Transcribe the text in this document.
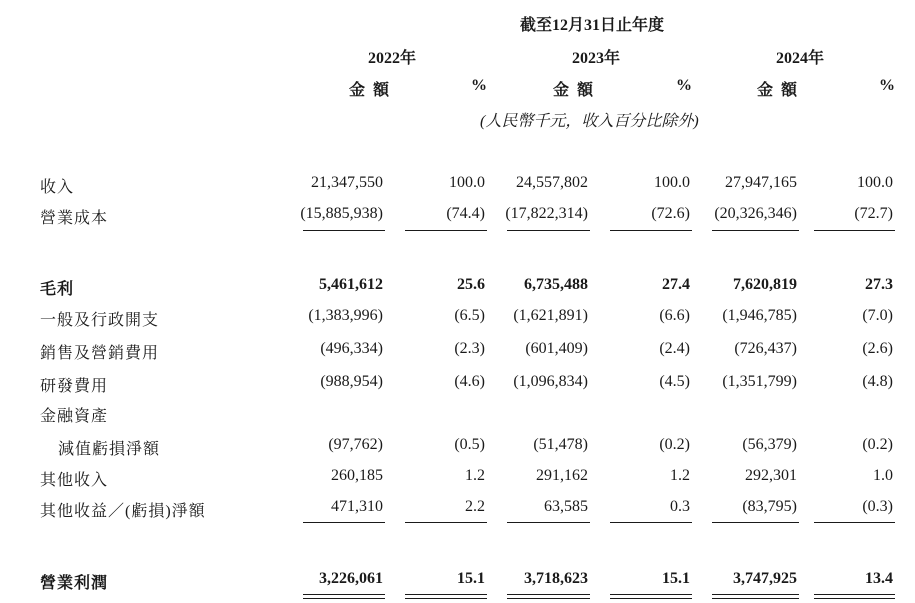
截至12月31日止年度
2022年	2023年	2024年
金額	%	金額	%	金額	%
(人民幣千元，收入百分比除外)
收入	21,347,550	100.0 24,557,802	100.0 27,947,165	100.0
營業成本	(15,885,938)	(74.4) (17,822,314)	(72.6) (20,326,346)	(72.7)
毛利	5,461,612	25.6 6,735,488	27.4	7,620,819	27.3
一般及行政開支	(1,383,996)	(6.5) (1,621,891)	(6.6) (1,946,785)	(7.0)
銷售及營銷費用	(496,334)	(2.3)	(601,409)	(2.4)	(726,437)	(2.6)
研發費用	(988,954)	(4.6) (1,096,834)	(4.5) (1,351,799)	(4.8)
金融資產
減值虧損淨額	(97,762)	(0.5)	(51,478)	(0.2)	(56,379)	(0.2)
其他收入	260,185	1.2	291,162	1.2	292,301	1.0
其他收益／(虧損)淨額	471,310	2.2	63,585	0.3	(83,795)	(0.3)
營業利潤	3,226,061	15.1 3,718,623	15.1	3,747,925	13.4
